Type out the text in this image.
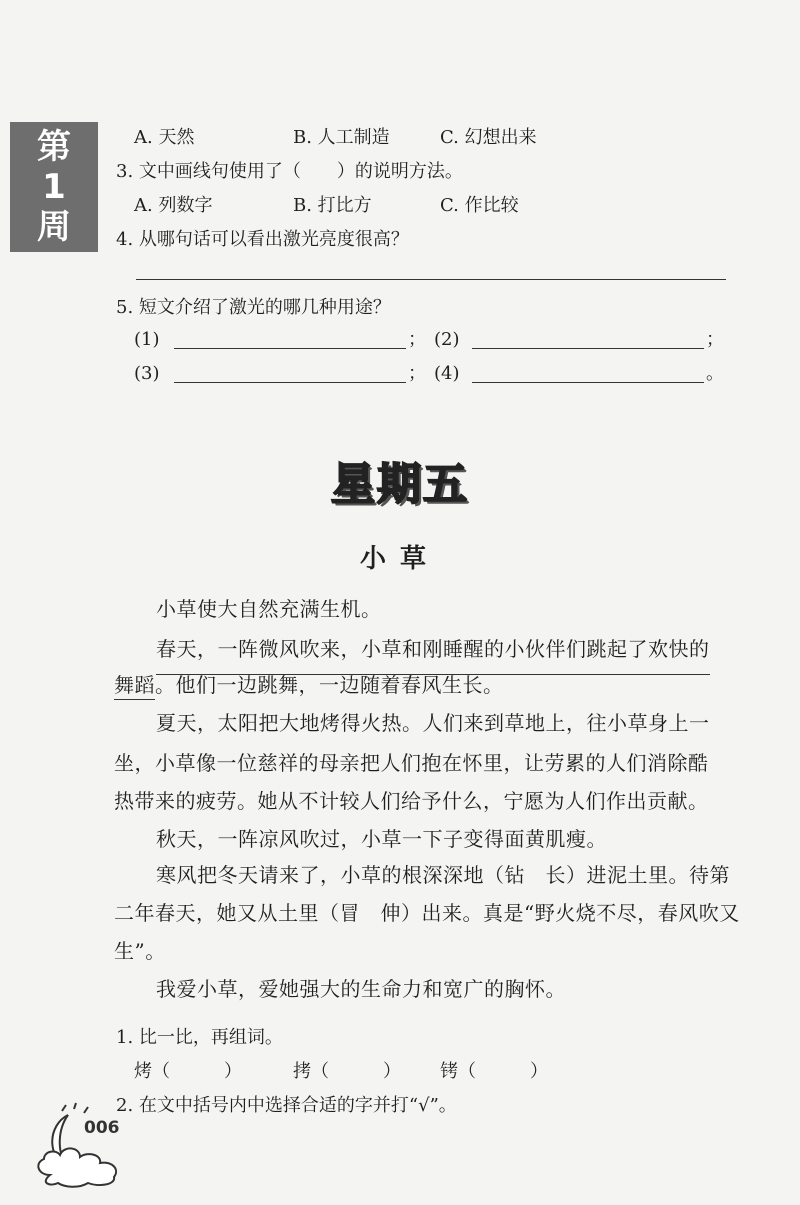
第
1
周
A. 天然	B. 人工制造	C. 幻想出来
3. 文中画线句使用了（　　）的说明方法。
A. 列数字	B. 打比方	C. 作比较
4. 从哪句话可以看出激光亮度很高？
5. 短文介绍了激光的哪几种用途？
(1)	； (2)	；
(3)	； (4)	。
星期五
小草
小草使大自然充满生机。
春天，一阵微风吹来，小草和刚睡醒的小伙伴们跳起了欢快的
舞蹈。他们一边跳舞，一边随着春风生长。
夏天，太阳把大地烤得火热。人们来到草地上，往小草身上一
坐，小草像一位慈祥的母亲把人们抱在怀里，让劳累的人们消除酷
热带来的疲劳。她从不计较人们给予什么，宁愿为人们作出贡献。
秋天，一阵凉风吹过，小草一下子变得面黄肌瘦。
寒风把冬天请来了，小草的根深深地（钻　长）进泥土里。待第
二年春天，她又从土里（冒　伸）出来。真是“野火烧不尽，春风吹又
生”。
我爱小草，爱她强大的生命力和宽广的胸怀。
1. 比一比，再组词。
烤（　　　）	拷（　　　） 铐（　　　）
2. 在文中括号内中选择合适的字并打“√”。
006
